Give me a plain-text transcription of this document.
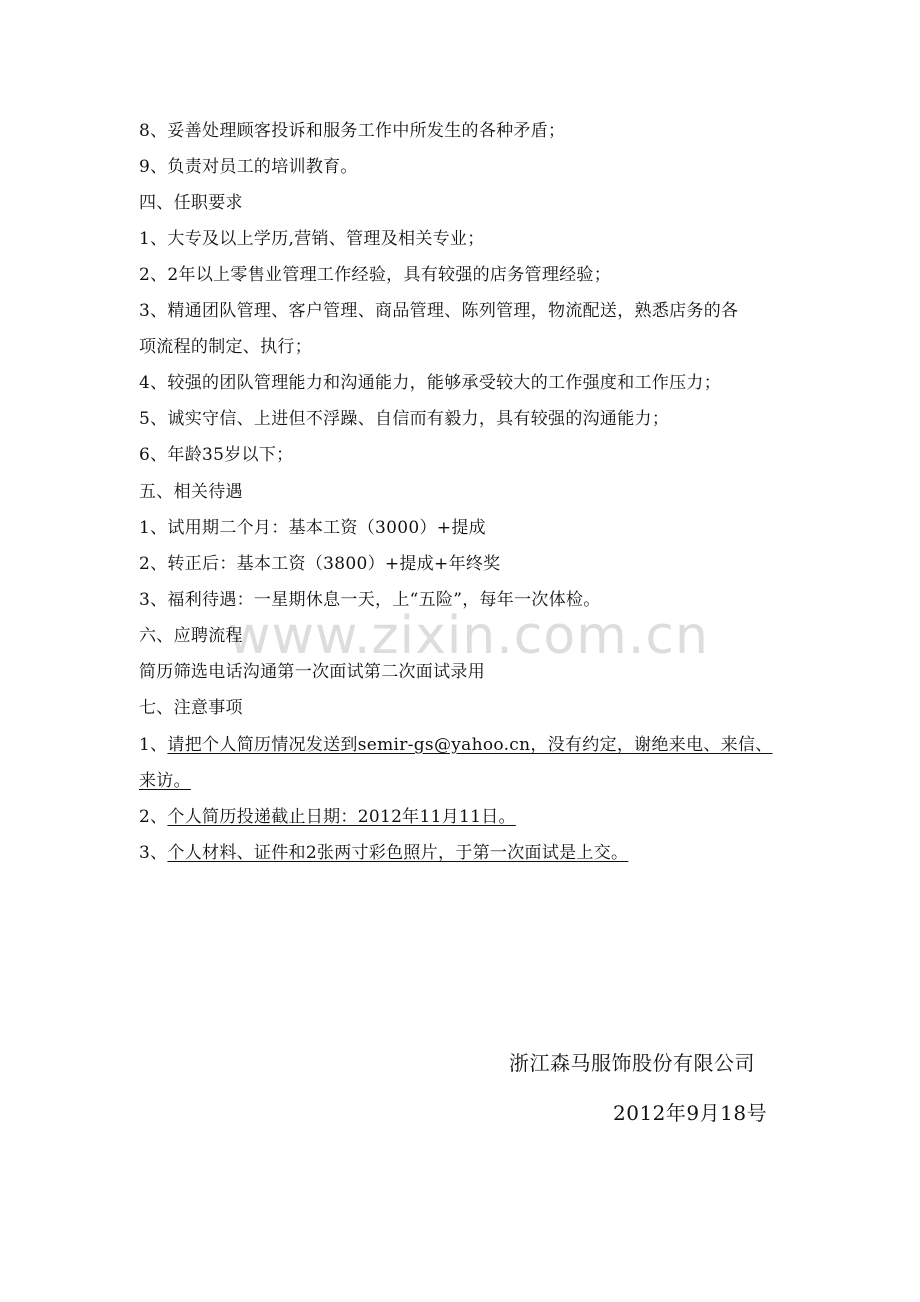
www.zixin.com.cn
8、妥善处理顾客投诉和服务工作中所发生的各种矛盾；
9、负责对员工的培训教育。
四、任职要求
1、大专及以上学历,营销、管理及相关专业；
2、2年以上零售业管理工作经验，具有较强的店务管理经验；
3、精通团队管理、客户管理、商品管理、陈列管理，物流配送，熟悉店务的各
项流程的制定、执行；
4、较强的团队管理能力和沟通能力，能够承受较大的工作强度和工作压力；
5、诚实守信、上进但不浮躁、自信而有毅力，具有较强的沟通能力；
6、年龄35岁以下；
五、相关待遇
1、试用期二个月：基本工资（3000）+提成
2、转正后：基本工资（3800）+提成+年终奖
3、福利待遇：一星期休息一天，上“五险”，每年一次体检。
六、应聘流程
简历筛选电话沟通第一次面试第二次面试录用
七、注意事项
1、请把个人简历情况发送到semir-gs@yahoo.cn，没有约定，谢绝来电、来信、
来访。
2、个人简历投递截止日期：2012年11月11日。
3、个人材料、证件和2张两寸彩色照片，于第一次面试是上交。
浙江森马服饰股份有限公司
2012年9月18号
